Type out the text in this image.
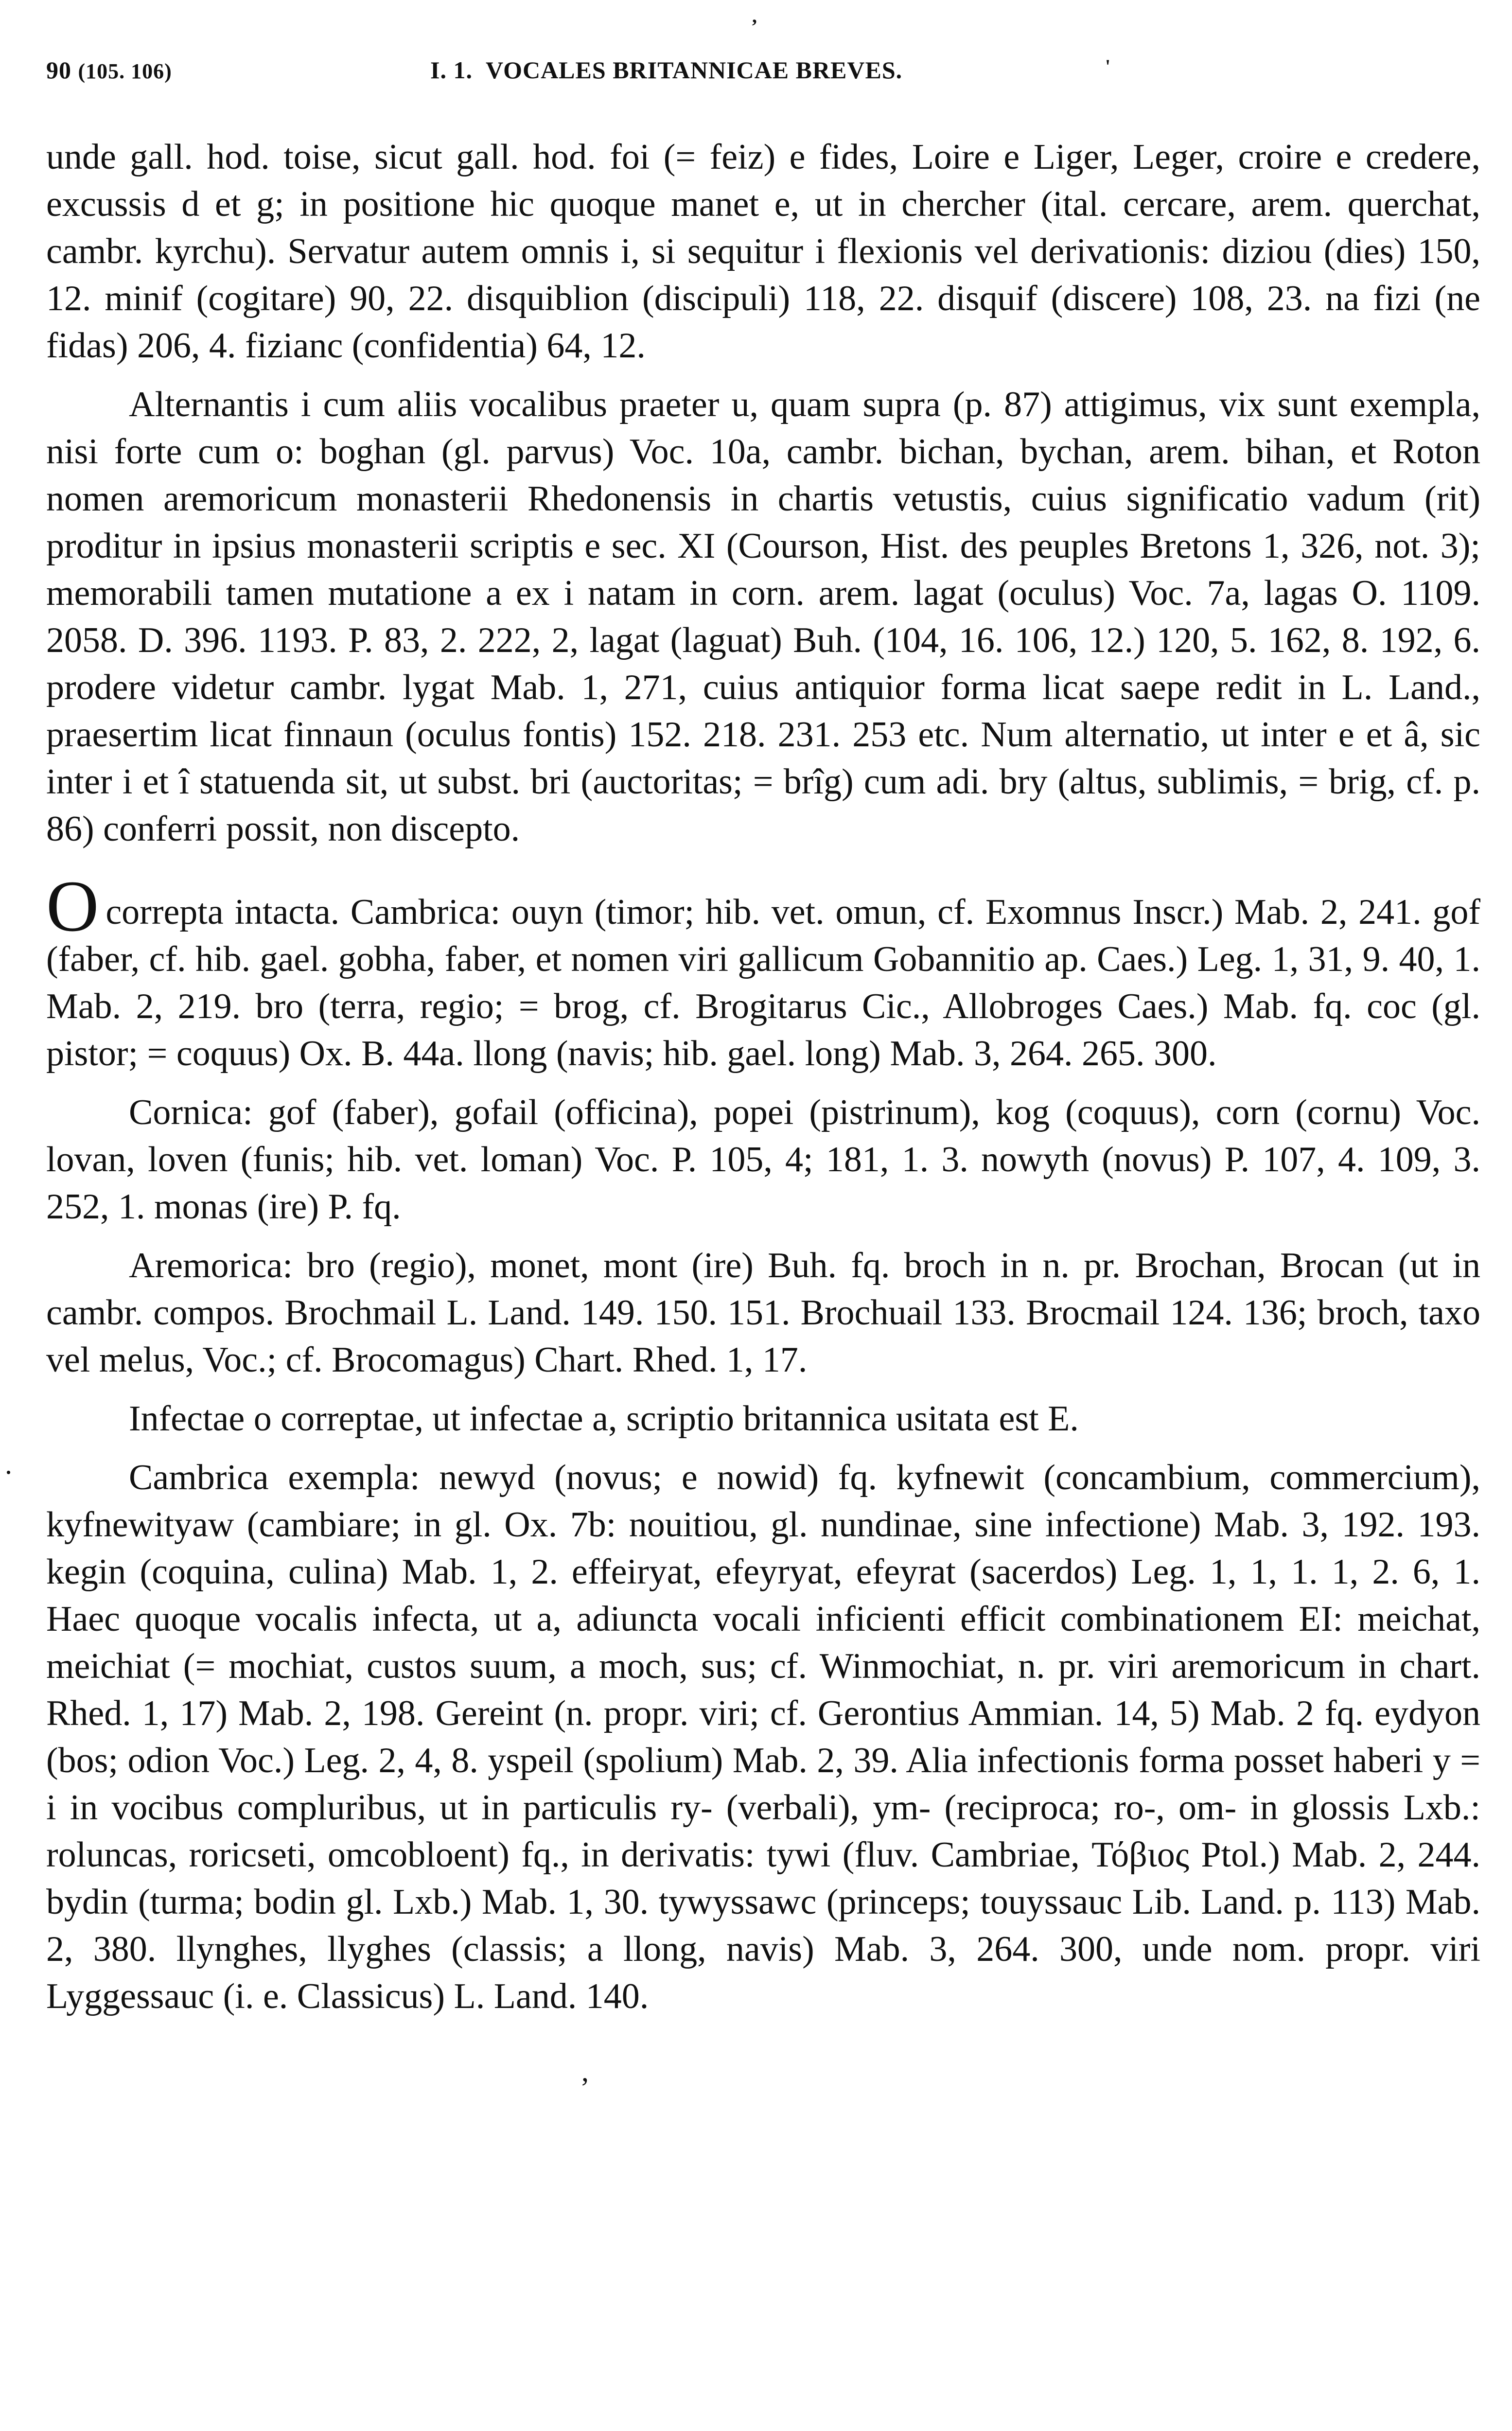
90 (105. 106)	I. 1. VOCALES BRITANNICAE BREVES.
’
'

unde gall. hod. toise, sicut gall. hod. foi (= feiz) e fides, Loire e Liger, Leger, croire e credere, excussis d et g; in positione hic quoque manet e, ut in chercher (ital. cercare, arem. querchat, cambr. kyrchu). Servatur autem omnis i, si sequitur i flexionis vel derivationis: diziou (dies) 150, 12. minif (cogitare) 90, 22. disquiblion (discipuli) 118, 22. disquif (discere) 108, 23. na fizi (ne fidas) 206, 4. fizianc (confidentia) 64, 12.

Alternantis i cum aliis vocalibus praeter u, quam supra (p. 87) attigimus, vix sunt exempla, nisi forte cum o: boghan (gl. parvus) Voc. 10a, cambr. bichan, bychan, arem. bihan, et Roton nomen aremoricum monasterii Rhedonensis in chartis vetustis, cuius significatio vadum (rit) proditur in ipsius monasterii scriptis e sec. XI (Courson, Hist. des peuples Bretons 1, 326, not. 3); memorabili tamen mutatione a ex i natam in corn. arem. lagat (oculus) Voc. 7a, lagas O. 1109. 2058. D. 396. 1193. P. 83, 2. 222, 2, lagat (laguat) Buh. (104, 16. 106, 12.) 120, 5. 162, 8. 192, 6. prodere videtur cambr. lygat Mab. 1, 271, cuius antiquior forma licat saepe redit in L. Land., praesertim licat finnaun (oculus fontis) 152. 218. 231. 253 etc. Num alternatio, ut inter e et â, sic inter i et î statuenda sit, ut subst. bri (auctoritas; = brîg) cum adi. bry (altus, sublimis, = brig, cf. p. 86) conferri possit, non discepto.

Ocorrepta intacta. Cambrica: ouyn (timor; hib. vet. omun, cf. Exomnus Inscr.) Mab. 2, 241. gof (faber, cf. hib. gael. gobha, faber, et nomen viri gallicum Gobannitio ap. Caes.) Leg. 1, 31, 9. 40, 1. Mab. 2, 219. bro (terra, regio; = brog, cf. Brogitarus Cic., Allobroges Caes.) Mab. fq. coc (gl. pistor; = coquus) Ox. B. 44a. llong (navis; hib. gael. long) Mab. 3, 264. 265. 300.

Cornica: gof (faber), gofail (officina), popei (pistrinum), kog (coquus), corn (cornu) Voc. lovan, loven (funis; hib. vet. loman) Voc. P. 105, 4; 181, 1. 3. nowyth (novus) P. 107, 4. 109, 3. 252, 1. monas (ire) P. fq.

Aremorica: bro (regio), monet, mont (ire) Buh. fq. broch in n. pr. Brochan, Brocan (ut in cambr. compos. Brochmail L. Land. 149. 150. 151. Brochuail 133. Brocmail 124. 136; broch, taxo vel melus, Voc.; cf. Brocomagus) Chart. Rhed. 1, 17.

Infectae o correptae, ut infectae a, scriptio britannica usitata est E.

Cambrica exempla: newyd (novus; e nowid) fq. kyfnewit (concambium, commercium), kyfnewityaw (cambiare; in gl. Ox. 7b: nouitiou, gl. nundinae, sine infectione) Mab. 3, 192. 193. kegin (coquina, culina) Mab. 1, 2. effeiryat, efeyryat, efeyrat (sacerdos) Leg. 1, 1, 1. 1, 2. 6, 1. Haec quoque vocalis infecta, ut a, adiuncta vocali inficienti efficit combinationem EI: meichat, meichiat (= mochiat, custos suum, a moch, sus; cf. Winmochiat, n. pr. viri aremoricum in chart. Rhed. 1, 17) Mab. 2, 198. Gereint (n. propr. viri; cf. Gerontius Ammian. 14, 5) Mab. 2 fq. eydyon (bos; odion Voc.) Leg. 2, 4, 8. yspeil (spolium) Mab. 2, 39. Alia infectionis forma posset haberi y = i in vocibus compluribus, ut in particulis ry- (verbali), ym- (reciproca; ro-, om- in glossis Lxb.: roluncas, roricseti, omcobloent) fq., in derivatis: tywi (fluv. Cambriae, Τόβιος Ptol.) Mab. 2, 244. bydin (turma; bodin gl. Lxb.) Mab. 1, 30. tywyssawc (princeps; touyssauc Lib. Land. p. 113) Mab. 2, 380. llynghes, llyghes (classis; a llong, navis) Mab. 3, 264. 300, unde nom. propr. viri Lyggessauc (i. e. Classicus) L. Land. 140.

’
.
